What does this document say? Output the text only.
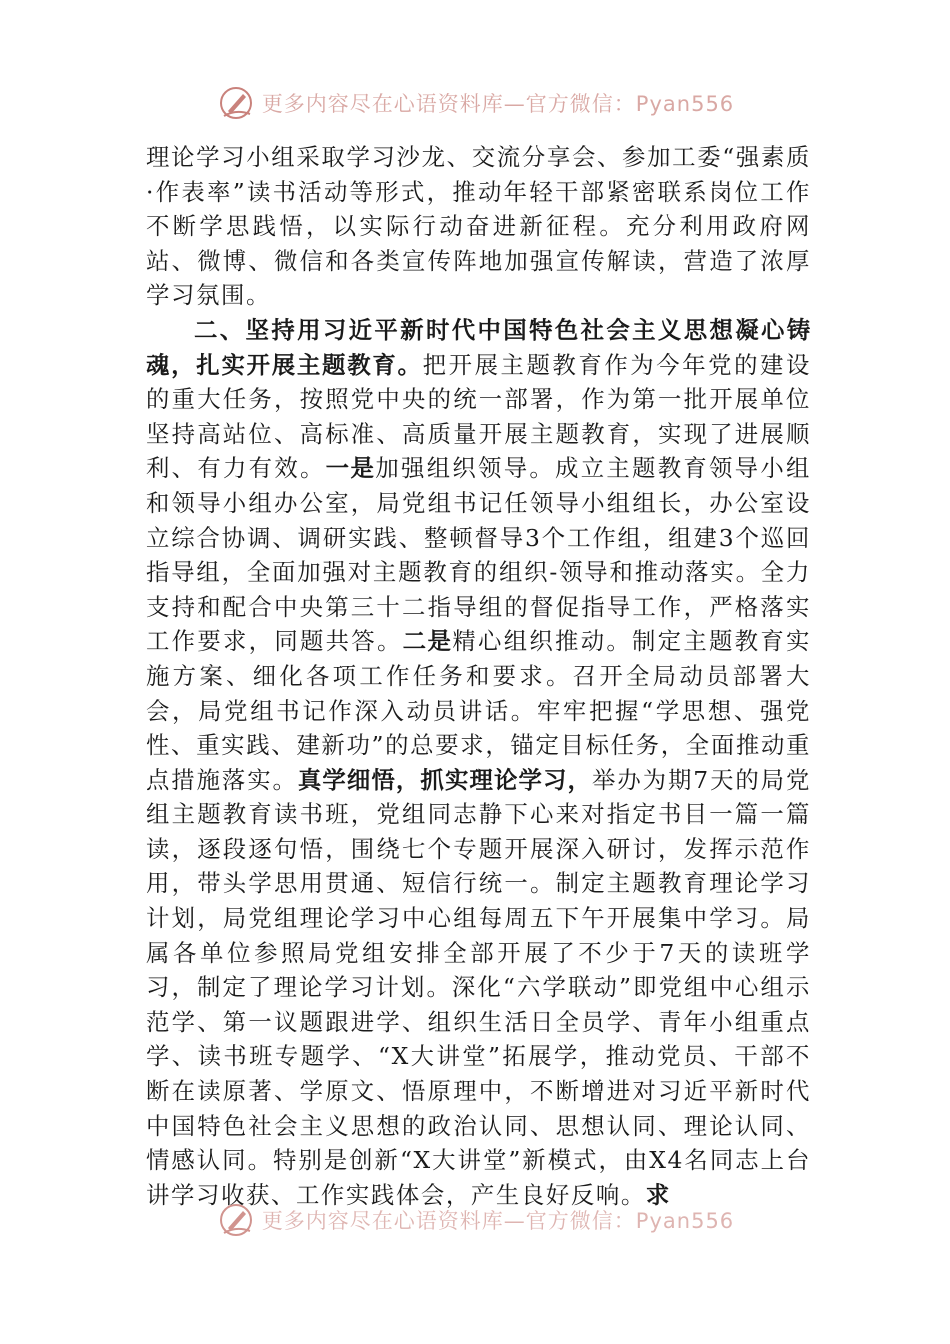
更多内容尽在心语资料库—官方微信：Pyan556

理论学习小组采取学习沙龙、交流分享会、参加工委“强素质·作表率”读书活动等形式，推动年轻干部紧密联系岗位工作不断学思践悟，以实际行动奋进新征程。充分利用政府网站、微博、微信和各类宣传阵地加强宣传解读，营造了浓厚学习氛围。

二、坚持用习近平新时代中国特色社会主义思想凝心铸魂，扎实开展主题教育。把开展主题教育作为今年党的建设的重大任务，按照党中央的统一部署，作为第一批开展单位坚持高站位、高标准、高质量开展主题教育，实现了进展顺利、有力有效。一是加强组织领导。成立主题教育领导小组和领导小组办公室，局党组书记任领导小组组长，办公室设立综合协调、调研实践、整顿督导3个工作组，组建3个巡回指导组，全面加强对主题教育的组织-领导和推动落实。全力支持和配合中央第三十二指导组的督促指导工作，严格落实工作要求，同题共答。二是精心组织推动。制定主题教育实施方案、细化各项工作任务和要求。召开全局动员部署大会，局党组书记作深入动员讲话。牢牢把握“学思想、强党性、重实践、建新功”的总要求，锚定目标任务，全面推动重点措施落实。真学细悟，抓实理论学习，举办为期7天的局党组主题教育读书班，党组同志静下心来对指定书目一篇一篇读，逐段逐句悟，围绕七个专题开展深入研讨，发挥示范作用，带头学思用贯通、短信行统一。制定主题教育理论学习计划，局党组理论学习中心组每周五下午开展集中学习。局属各单位参照局党组安排全部开展了不少于7天的读班学习，制定了理论学习计划。深化“六学联动”即党组中心组示范学、第一议题跟进学、组织生活日全员学、青年小组重点学、读书班专题学、“X大讲堂”拓展学，推动党员、干部不断在读原著、学原文、悟原理中，不断增进对习近平新时代中国特色社会主义思想的政治认同、思想认同、理论认同、情感认同。特别是创新“X大讲堂”新模式，由X4名同志上台讲学习收获、工作实践体会，产生良好反响。求

更多内容尽在心语资料库—官方微信：Pyan556
